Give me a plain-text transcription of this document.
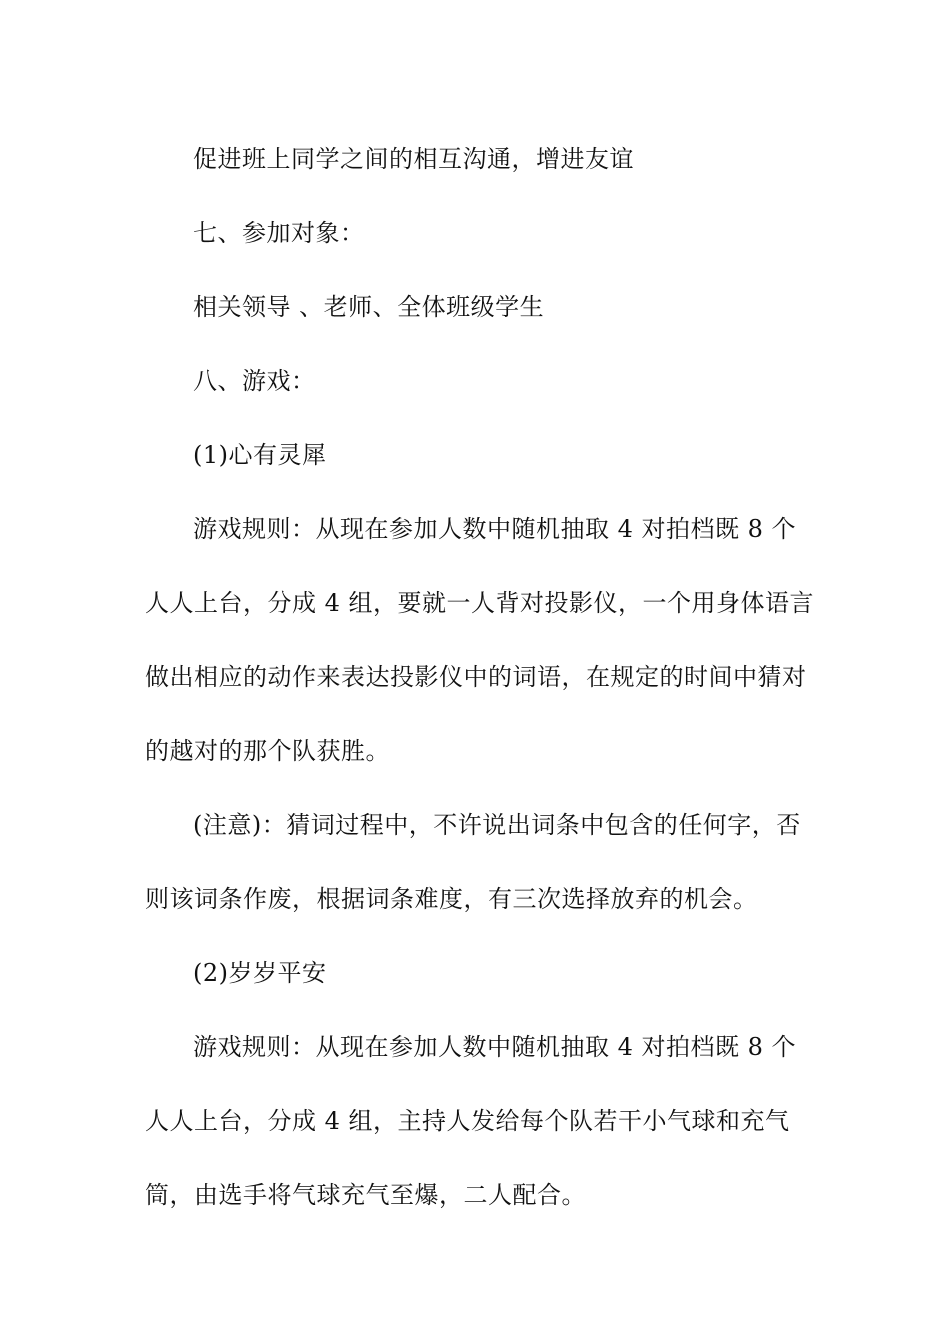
促进班上同学之间的相互沟通，增进友谊

七、参加对象：

相关领导 、老师、全体班级学生

八、游戏：

(1)心有灵犀

游戏规则：从现在参加人数中随机抽取 4 对拍档既 8 个人人上台，分成 4 组，要就一人背对投影仪，一个用身体语言做出相应的动作来表达投影仪中的词语，在规定的时间中猜对的越对的那个队获胜。

(注意)：猜词过程中，不许说出词条中包含的任何字，否则该词条作废，根据词条难度，有三次选择放弃的机会。

(2)岁岁平安

游戏规则：从现在参加人数中随机抽取 4 对拍档既 8 个人人上台，分成 4 组，主持人发给每个队若干小气球和充气筒，由选手将气球充气至爆，二人配合。
